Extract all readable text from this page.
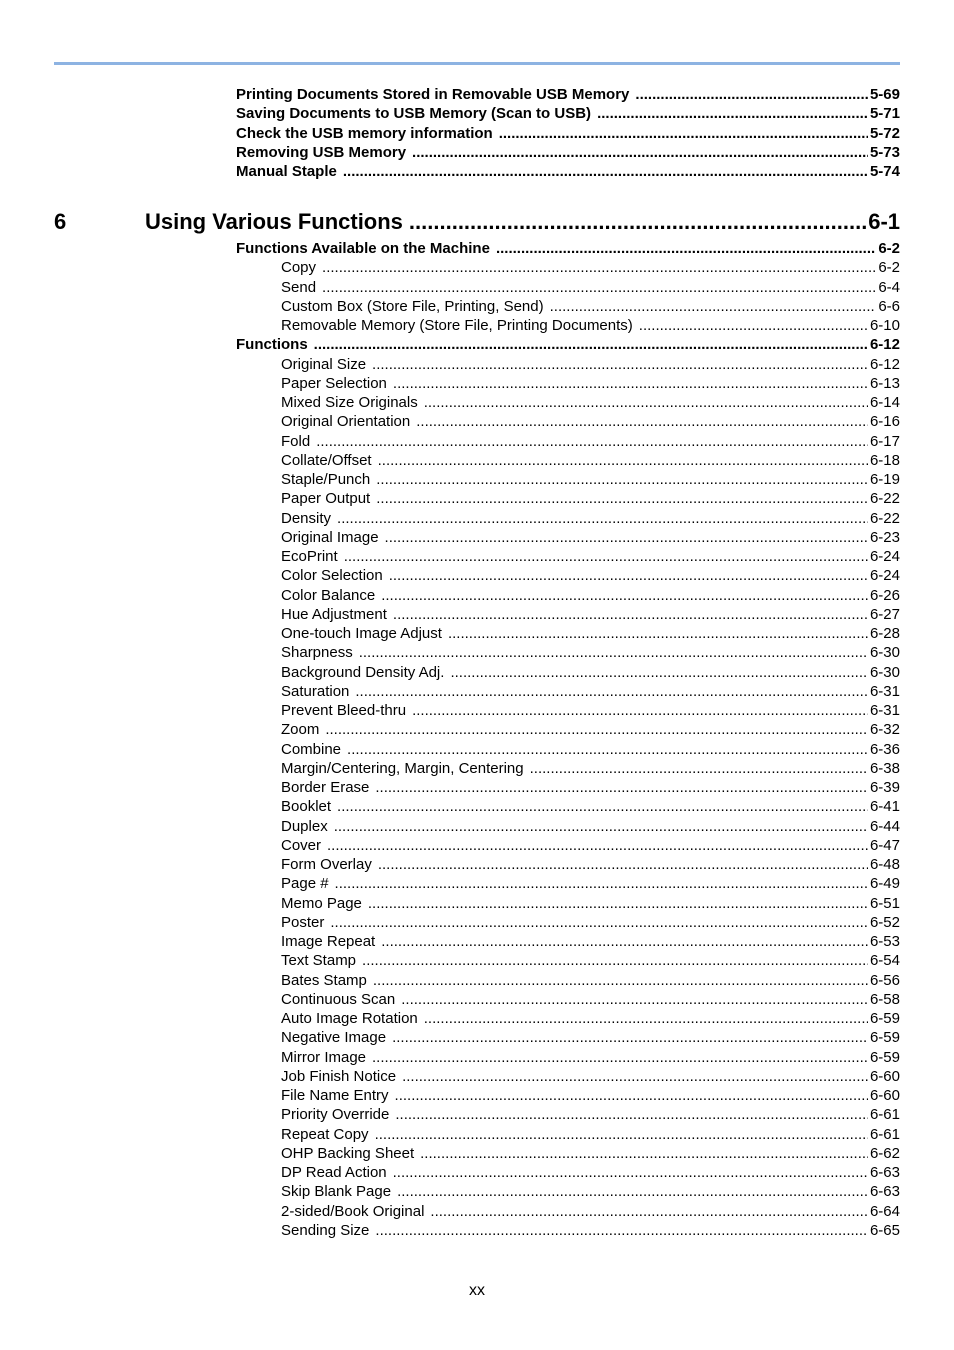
6	Using Various Functions .....	6-1
Printing Documents Stored in Removable USB Memory .....	5-69
Saving Documents to USB Memory (Scan to USB) .....	5-71
Check the USB memory information .....	5-72
Removing USB Memory .....	5-73
Manual Staple .....	5-74
Functions Available on the Machine .....	6-2
Copy .....	6-2
Send .....	6-4
Custom Box (Store File, Printing, Send) .....	6-6
Removable Memory (Store File, Printing Documents) .....	6-10
Functions .....	6-12
Original Size .....	6-12
Paper Selection .....	6-13
Mixed Size Originals .....	6-14
Original Orientation .....	6-16
Fold .....	6-17
Collate/Offset .....	6-18
Staple/Punch .....	6-19
Paper Output .....	6-22
Density .....	6-22
Original Image .....	6-23
EcoPrint .....	6-24
Color Selection .....	6-24
Color Balance .....	6-26
Hue Adjustment .....	6-27
One-touch Image Adjust .....	6-28
Sharpness .....	6-30
Background Density Adj. .....	6-30
Saturation .....	6-31
Prevent Bleed-thru .....	6-31
Zoom .....	6-32
Combine .....	6-36
Margin/Centering, Margin, Centering .....	6-38
Border Erase .....	6-39
Booklet .....	6-41
Duplex .....	6-44
Cover .....	6-47
Form Overlay .....	6-48
Page # .....	6-49
Memo Page .....	6-51
Poster .....	6-52
Image Repeat .....	6-53
Text Stamp .....	6-54
Bates Stamp .....	6-56
Continuous Scan .....	6-58
Auto Image Rotation .....	6-59
Negative Image .....	6-59
Mirror Image .....	6-59
Job Finish Notice .....	6-60
File Name Entry .....	6-60
Priority Override .....	6-61
Repeat Copy .....	6-61
OHP Backing Sheet .....	6-62
DP Read Action .....	6-63
Skip Blank Page .....	6-63
2-sided/Book Original .....	6-64
Sending Size .....	6-65
xx
